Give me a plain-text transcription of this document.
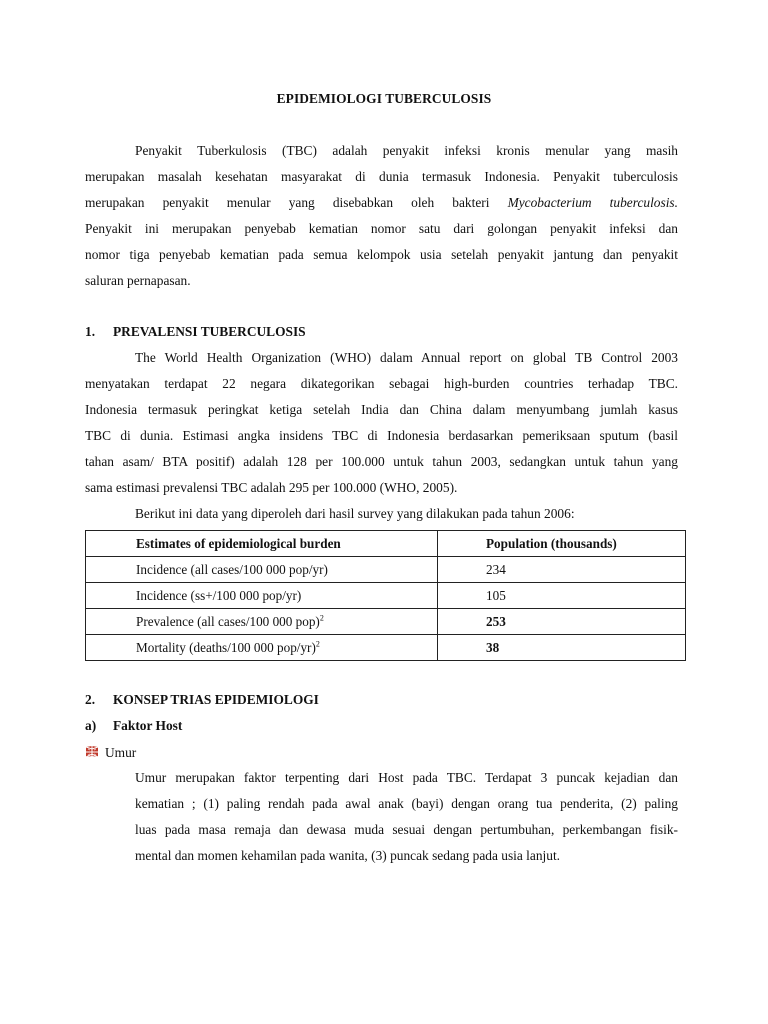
EPIDEMIOLOGI TUBERCULOSIS
Penyakit Tuberkulosis (TBC) adalah penyakit infeksi kronis menular yang masih
merupakan masalah kesehatan masyarakat di dunia termasuk Indonesia. Penyakit tuberculosis
merupakan penyakit menular yang disebabkan oleh bakteri Mycobacterium tuberculosis.
Penyakit ini merupakan penyebab kematian nomor satu dari golongan penyakit infeksi dan
nomor tiga penyebab kematian pada semua kelompok usia setelah penyakit jantung dan penyakit
saluran pernapasan.
1. PREVALENSI TUBERCULOSIS
The World Health Organization (WHO) dalam Annual report on global TB Control 2003
menyatakan terdapat 22 negara dikategorikan sebagai high-burden countries terhadap TBC.
Indonesia termasuk peringkat ketiga setelah India dan China dalam menyumbang jumlah kasus
TBC di dunia. Estimasi angka insidens TBC di Indonesia berdasarkan pemeriksaan sputum (basil
tahan asam/ BTA positif) adalah 128 per 100.000 untuk tahun 2003, sedangkan untuk tahun yang
sama estimasi prevalensi TBC adalah 295 per 100.000 (WHO, 2005).
Berikut ini data yang diperoleh dari hasil survey yang dilakukan pada tahun 2006:
Estimates of epidemiological burden	Population (thousands)
Incidence (all cases/100 000 pop/yr)	234
Incidence (ss+/100 000 pop/yr)	105
Prevalence (all cases/100 000 pop)$^2$	253
Mortality (deaths/100 000 pop/yr)$^2$	38
2. KONSEP TRIAS EPIDEMIOLOGI
a) Faktor Host
Umur
Umur merupakan faktor terpenting dari Host pada TBC. Terdapat 3 puncak kejadian dan
kematian ; (1) paling rendah pada awal anak (bayi) dengan orang tua penderita, (2) paling
luas pada masa remaja dan dewasa muda sesuai dengan pertumbuhan, perkembangan fisik-
mental dan momen kehamilan pada wanita, (3) puncak sedang pada usia lanjut.
